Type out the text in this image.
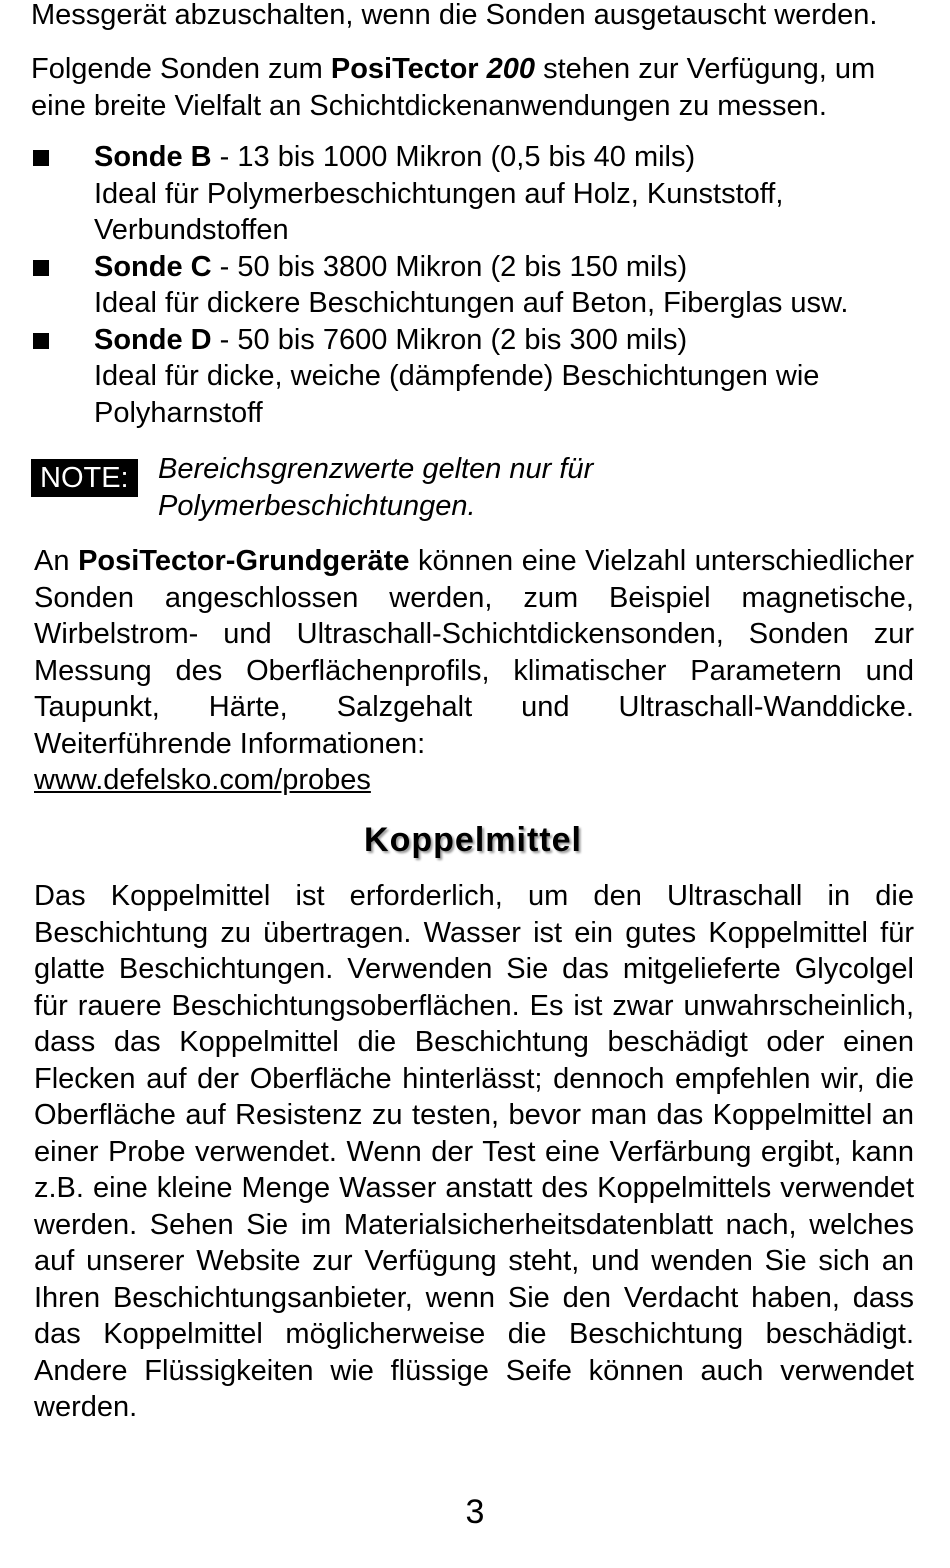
Messgerät abzuschalten, wenn die Sonden ausgetauscht werden.

Folgende Sonden zum PosiTector 200 stehen zur Verfügung, um eine breite Vielfalt an Schichtdickenanwendungen zu messen.

Sonde B - 13 bis 1000 Mikron (0,5 bis 40 mils)
Ideal für Polymerbeschichtungen auf Holz, Kunststoff, Verbundstoffen
Sonde C - 50 bis 3800 Mikron (2 bis 150 mils)
Ideal für dickere Beschichtungen auf Beton, Fiberglas usw.
Sonde D - 50 bis 7600 Mikron (2 bis 300 mils)
Ideal für dicke, weiche (dämpfende) Beschichtungen wie Polyharnstoff
NOTE:	Bereichsgrenzwerte gelten nur für
Polymerbeschichtungen.

An PosiTector-Grundgeräte können eine Vielzahl unterschiedlicher Sonden angeschlossen werden, zum Beispiel magnetische, Wirbelstrom- und Ultraschall-Schichtdickensonden, Sonden zur Messung des Oberflächenprofils, klimatischer Parametern und Taupunkt, Härte, Salzgehalt und Ultraschall-Wanddicke. Weiterführende Informationen:
www.defelsko.com/probes

Koppelmittel

Das Koppelmittel ist erforderlich, um den Ultraschall in die Beschichtung zu übertragen. Wasser ist ein gutes Koppelmittel für glatte Beschichtungen. Verwenden Sie das mitgelieferte Glycolgel für rauere Beschichtungsoberflächen. Es ist zwar unwahrscheinlich, dass das Koppelmittel die Beschichtung beschädigt oder einen Flecken auf der Oberfläche hinterlässt; dennoch empfehlen wir, die Oberfläche auf Resistenz zu testen, bevor man das Koppelmittel an einer Probe verwendet. Wenn der Test eine Verfärbung ergibt, kann z.B. eine kleine Menge Wasser anstatt des Koppelmittels verwendet werden. Sehen Sie im Materialsicherheitsdatenblatt nach, welches auf unserer Website zur Verfügung steht, und wenden Sie sich an Ihren Beschichtungsanbieter, wenn Sie den Verdacht haben, dass das Koppelmittel möglicherweise die Beschichtung beschädigt. Andere Flüssigkeiten wie flüssige Seife können auch verwendet werden.

3
